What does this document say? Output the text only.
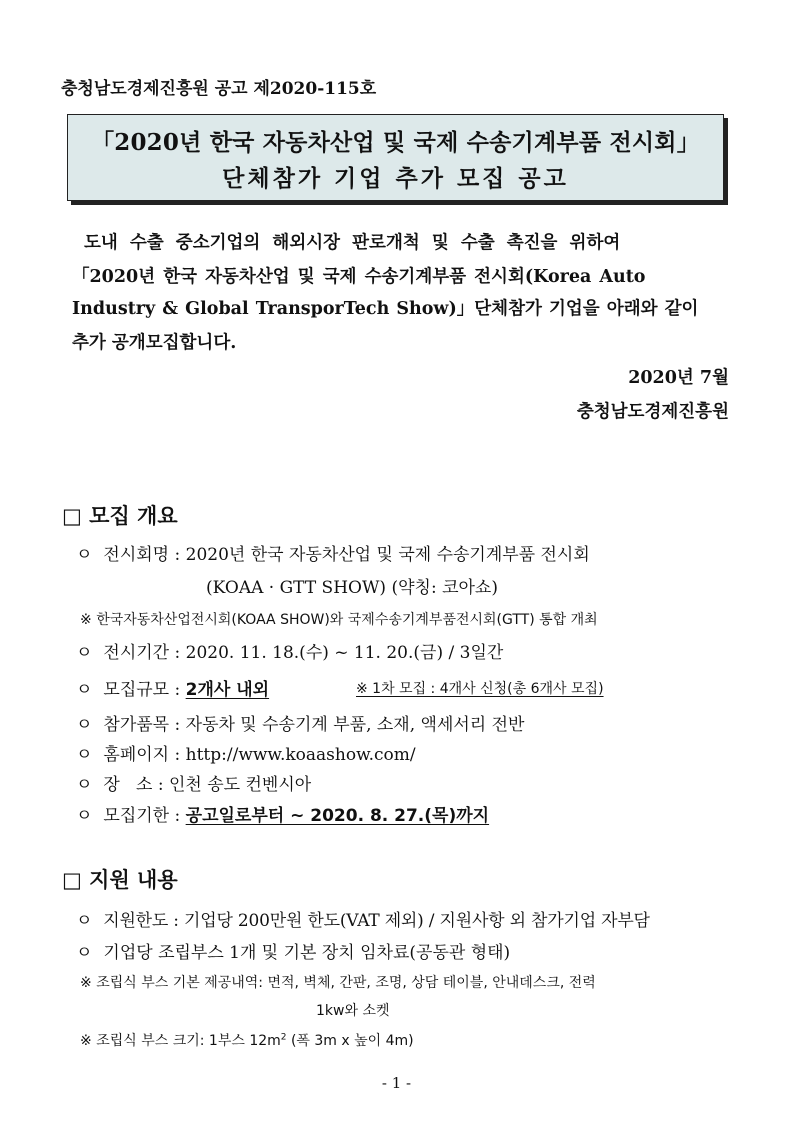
충청남도경제진흥원 공고 제2020-115호
「2020년 한국 자동차산업 및 국제 수송기계부품 전시회」
단체참가 기업 추가 모집 공고
도내 수출 중소기업의 해외시장 판로개척 및 수출 촉진을 위하여
「2020년 한국 자동차산업 및 국제 수송기계부품 전시회(Korea Auto
Industry & Global TransporTech Show)」단체참가 기업을 아래와 같이
추가 공개모집합니다.
2020년 7월
충청남도경제진흥원
□ 모집 개요
ㅇ 전시회명 : 2020년 한국 자동차산업 및 국제 수송기계부품 전시회
(KOAA · GTT SHOW) (약칭: 코아쇼)
※ 한국자동차산업전시회(KOAA SHOW)와 국제수송기계부품전시회(GTT) 통합 개최
ㅇ 전시기간 : 2020. 11. 18.(수) ~ 11. 20.(금) / 3일간
ㅇ 모집규모 : 2개사 내외	※ 1차 모집 : 4개사 신청(총 6개사 모집)
ㅇ 참가품목 : 자동차 및 수송기계 부품, 소재, 액세서리 전반
ㅇ 홈페이지 : http://www.koaashow.com/
ㅇ 장   소 : 인천 송도 컨벤시아
ㅇ 모집기한 : 공고일로부터 ~ 2020. 8. 27.(목)까지
□ 지원 내용
ㅇ 지원한도 : 기업당 200만원 한도(VAT 제외) / 지원사항 외 참가기업 자부담
ㅇ 기업당 조립부스 1개 및 기본 장치 임차료(공동관 형태)
※ 조립식 부스 기본 제공내역: 면적, 벽체, 간판, 조명, 상담 테이블, 안내데스크, 전력
1kw와 소켓
※ 조립식 부스 크기: 1부스 $12m^2$ (폭 3m x 높이 4m)
- 1 -
